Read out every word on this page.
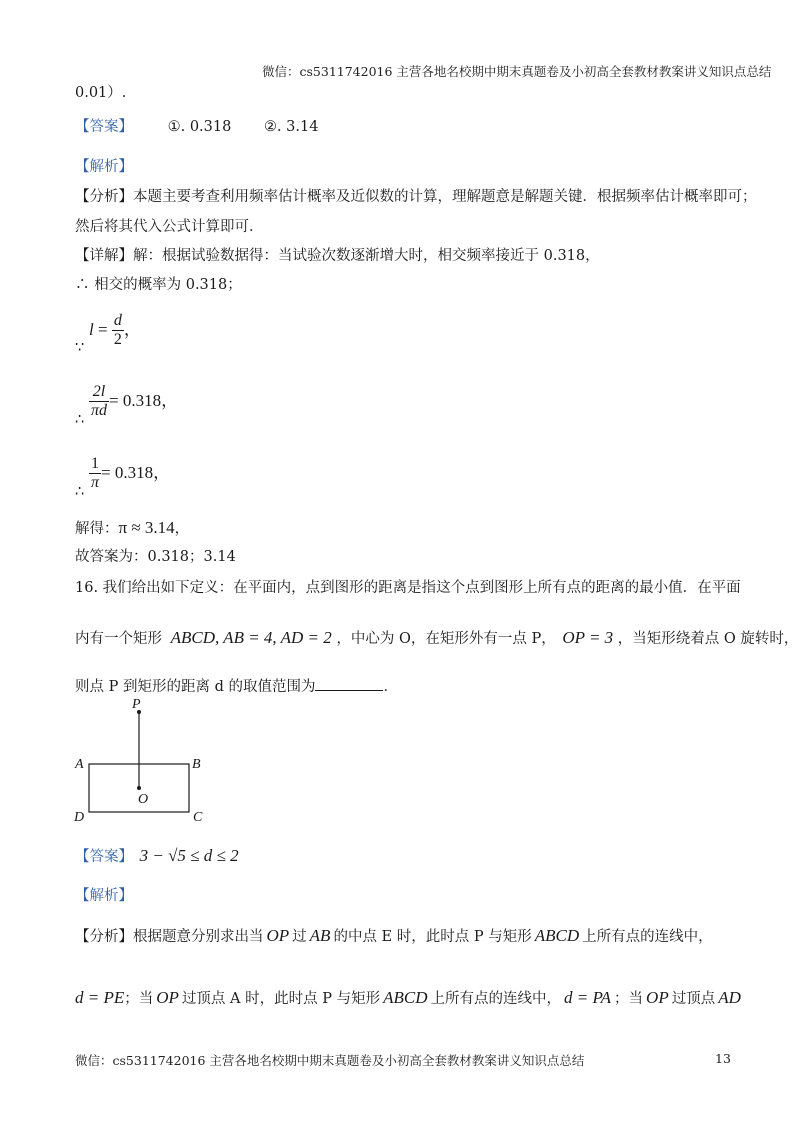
微信：cs5311742016 主营各地名校期中期末真题卷及小初高全套教材教案讲义知识点总结
0.01）.
【答案】 ①. 0.318 ②. 3.14
【解析】
【分析】本题主要考查利用频率估计概率及近似数的计算，理解题意是解题关键．根据频率估计概率即可；
然后将其代入公式计算即可．
【详解】解：根据试验数据得：当试验次数逐渐增大时，相交频率接近于 0.318，
∴ 相交的概率为 0.318；
∵
$l = \frac{d}{2}$ ，
∴ $\frac{2l}{\pi d} = 0.318$，
∴ $\frac{1}{\pi} = 0.318$，
解得：π ≈ 3.14，
故答案为：0.318；3.14
16. 我们给出如下定义：在平面内，点到图形的距离是指这个点到图形上所有点的距离的最小值．在平面
内有一个矩形 ABCD, AB = 4, AD = 2 ，中心为 O，在矩形外有一点 P， OP = 3 ，当矩形绕着点 O 旋转时，
则点 P 到矩形的距离 d 的取值范围为	．
P
A	B
O
C
D
【答案】 3 − √5 ≤ d ≤ 2
【解析】
【分析】根据题意分别求出当 OP 过 AB 的中点 E 时，此时点 P 与矩形 ABCD 上所有点的连线中，
d = PE；当 OP 过顶点 A 时，此时点 P 与矩形 ABCD 上所有点的连线中， d = PA ；当 OP 过顶点 AD
微信：cs5311742016 主营各地名校期中期末真题卷及小初高全套教材教案讲义知识点总结	13
